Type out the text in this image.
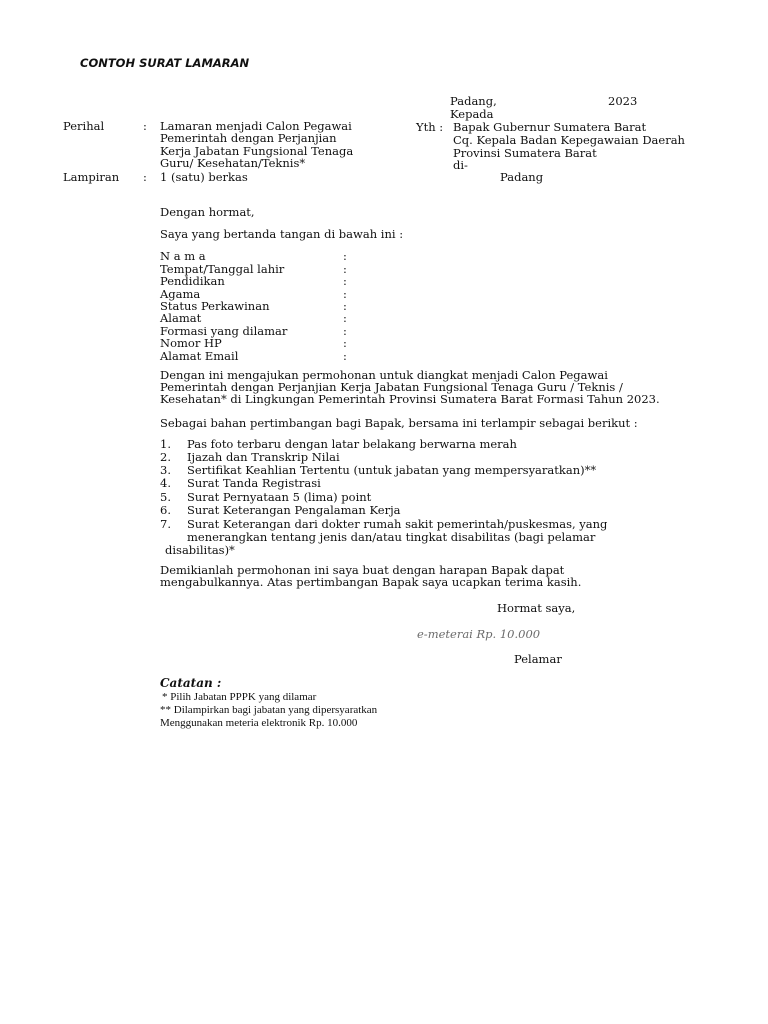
CONTOH SURAT LAMARAN
Padang,	2023
Kepada
Yth : Bapak Gubernur Sumatera Barat
Cq. Kepala Badan Kepegawaian Daerah
Provinsi Sumatera Barat
di-
Padang
Perihal	: Lamaran menjadi Calon Pegawai
Pemerintah dengan Perjanjian
Kerja Jabatan Fungsional Tenaga
Guru/ Kesehatan/Teknis*
Lampiran : 1 (satu) berkas
Dengan hormat,
Saya yang bertanda tangan di bawah ini :
N a m a	:
Tempat/Tanggal lahir	:
Pendidikan	:
Agama	:
Status Perkawinan	:
Alamat	:
Formasi yang dilamar	:
Nomor HP	:
Alamat Email	:
Dengan ini mengajukan permohonan untuk diangkat menjadi Calon Pegawai
Pemerintah dengan Perjanjian Kerja Jabatan Fungsional Tenaga Guru / Teknis /
Kesehatan* di Lingkungan Pemerintah Provinsi Sumatera Barat Formasi Tahun 2023.
Sebagai bahan pertimbangan bagi Bapak, bersama ini terlampir sebagai berikut :
1. Pas foto terbaru dengan latar belakang berwarna merah
2. Ijazah dan Transkrip Nilai
3. Sertifikat Keahlian Tertentu (untuk jabatan yang mempersyaratkan)**
4. Surat Tanda Registrasi
5. Surat Pernyataan 5 (lima) point
6. Surat Keterangan Pengalaman Kerja
7. Surat Keterangan dari dokter rumah sakit pemerintah/puskesmas, yang
menerangkan tentang jenis dan/atau tingkat disabilitas (bagi pelamar
disabilitas)*
Demikianlah permohonan ini saya buat dengan harapan Bapak dapat
mengabulkannya. Atas pertimbangan Bapak saya ucapkan terima kasih.
Hormat saya,
e-meterai Rp. 10.000
Pelamar
Catatan :
* Pilih Jabatan PPPK yang dilamar
** Dilampirkan bagi jabatan yang dipersyaratkan
Menggunakan meteria elektronik Rp. 10.000
